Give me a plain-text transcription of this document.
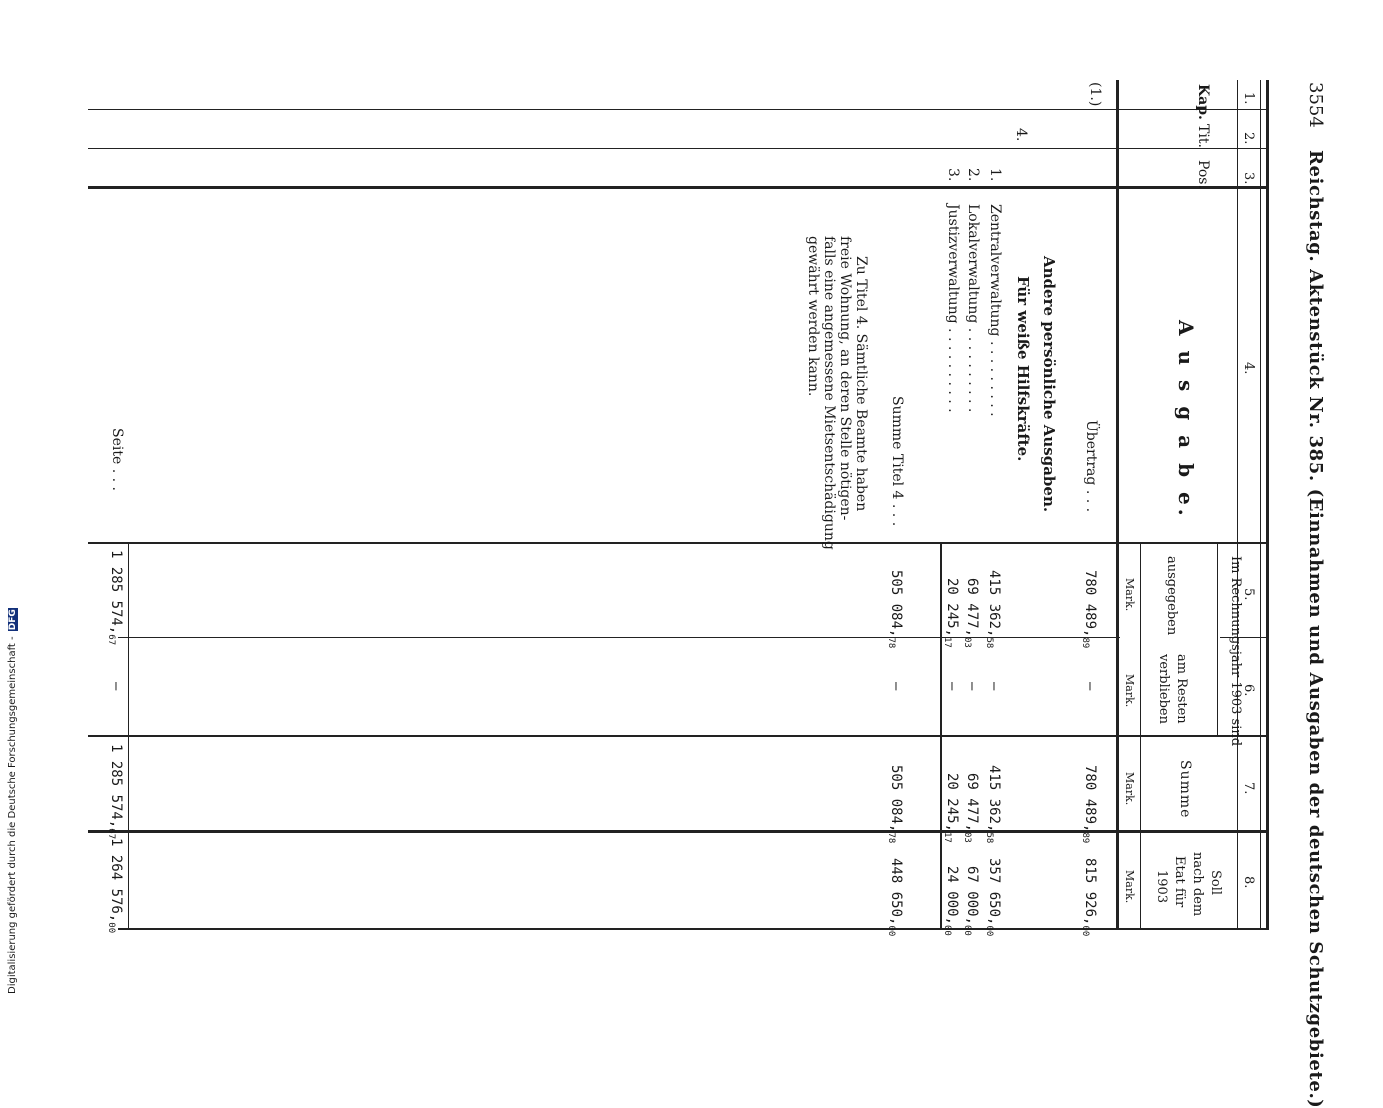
3554
Reichstag. Aktenstück Nr. 385. (Einnahmen und Ausgaben der deutschen Schutzgebiete.)
1.
2.
3.
4.
5.
6.
7.
8.
Kap.
Tit.
Pos.
A u s g a b e.
Im Rechnungsjahr 1903 sind
ausgegeben
am Resten
verblieben
Summe
Soll
nach dem
Etat für
1903
Mark.
Mark.
Mark.
Mark.
(1.)
Übertrag . . .
780 $489,_{89}$
—
780 $489,_{89}$
815 $926,_{00}$
4.
Andere persönliche Ausgaben.
Für weiße Hilfskräfte.
1.
Zentralverwaltung . . . . . . . . .
415 $362,_{58}$
—
415 $362,_{58}$
357 $650,_{00}$
2.
Lokalverwaltung . . . . . . . . . .
69 $477,_{03}$
—
69 $477,_{03}$
67 $000,_{00}$
3.
Justizverwaltung . . . . . . . . . .
20 $245,_{17}$
—
20 $245,_{17}$
24 $000,_{00}$
Summe Titel 4 . . .
505 $084,_{78}$
—
505 $084,_{78}$
448 $650,_{00}$
Zu Titel 4. Sämtliche Beamte haben
freie Wohnung, an deren Stelle nötigen-
falls eine angemessene Mietsentschädigung
gewährt werden kann.
Seite . . .
1 285 $574,_{67}$
—
1 285 $574,_{67}$
1 264 $576,_{00}$
Digitalisierung gefördert durch die Deutsche Forschungsgemeinschaft - DFG
